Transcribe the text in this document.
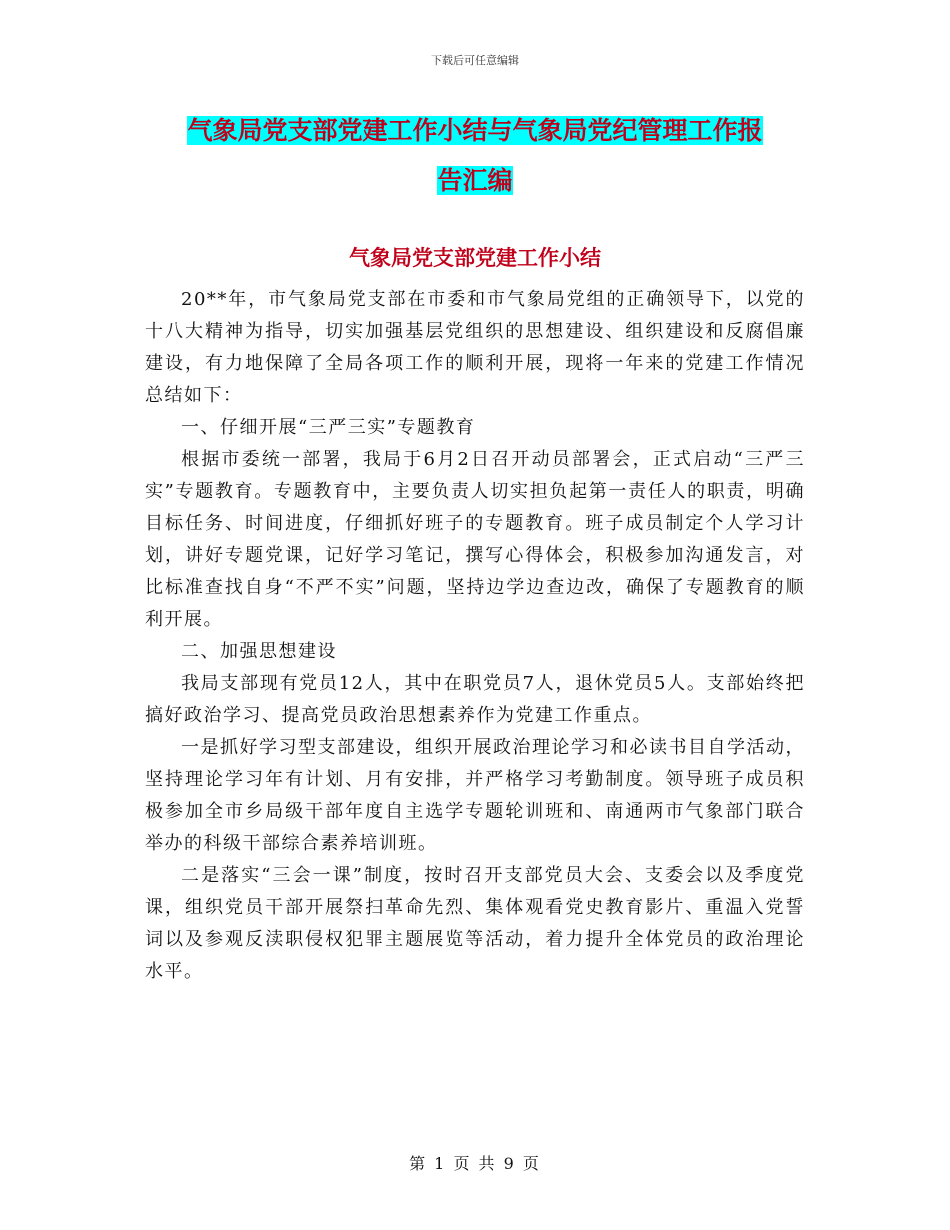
下载后可任意编辑
气象局党支部党建工作小结与气象局党纪管理工作报
告汇编
气象局党支部党建工作小结

20**年，市气象局党支部在市委和市气象局党组的正确领导下，以党的十八大精神为指导，切实加强基层党组织的思想建设、组织建设和反腐倡廉建设，有力地保障了全局各项工作的顺利开展，现将一年来的党建工作情况总结如下：

一、仔细开展“三严三实”专题教育

根据市委统一部署，我局于6月2日召开动员部署会，正式启动“三严三实”专题教育。专题教育中，主要负责人切实担负起第一责任人的职责，明确目标任务、时间进度，仔细抓好班子的专题教育。班子成员制定个人学习计划，讲好专题党课，记好学习笔记，撰写心得体会，积极参加沟通发言，对比标准查找自身“不严不实”问题，坚持边学边查边改，确保了专题教育的顺利开展。

二、加强思想建设

我局支部现有党员12人，其中在职党员7人，退休党员5人。支部始终把搞好政治学习、提高党员政治思想素养作为党建工作重点。

一是抓好学习型支部建设，组织开展政治理论学习和必读书目自学活动，坚持理论学习年有计划、月有安排，并严格学习考勤制度。领导班子成员积极参加全市乡局级干部年度自主选学专题轮训班和、南通两市气象部门联合举办的科级干部综合素养培训班。

二是落实“三会一课”制度，按时召开支部党员大会、支委会以及季度党课，组织党员干部开展祭扫革命先烈、集体观看党史教育影片、重温入党誓词以及参观反渎职侵权犯罪主题展览等活动，着力提升全体党员的政治理论水平。

第 1 页 共 9 页
